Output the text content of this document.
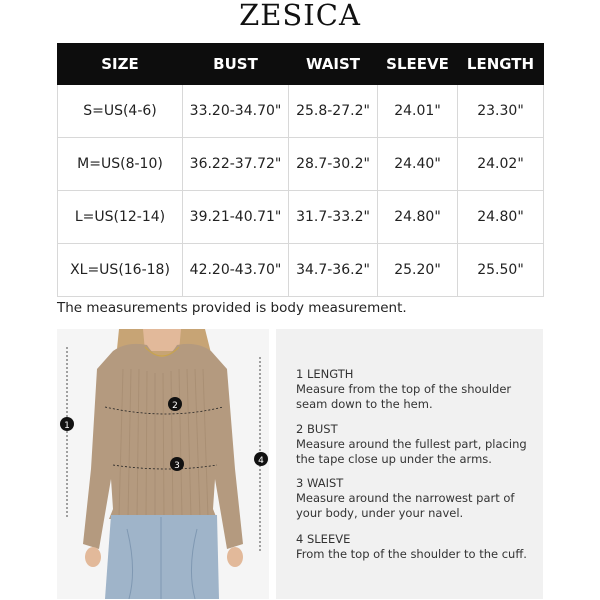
ZESICA
SIZE	BUST	WAIST	SLEEVE	LENGTH
S=US(4-6)	33.20-34.70"	25.8-27.2"	24.01"	23.30"
M=US(8-10)	36.22-37.72"	28.7-30.2"	24.40"	24.02"
L=US(12-14)	39.21-40.71"	31.7-33.2"	24.80"	24.80"
XL=US(16-18)	42.20-43.70"	34.7-36.2"	25.20"	25.50"
The measurements provided is body measurement.
1
2
3	4
1 LENGTH
Measure from the top of the shoulder seam down to the hem.
2 BUST
Measure around the fullest part, placing the tape close up under the arms.
3 WAIST
Measure around the narrowest part of your body, under your navel.
4 SLEEVE
From the top of the shoulder to the cuff.
